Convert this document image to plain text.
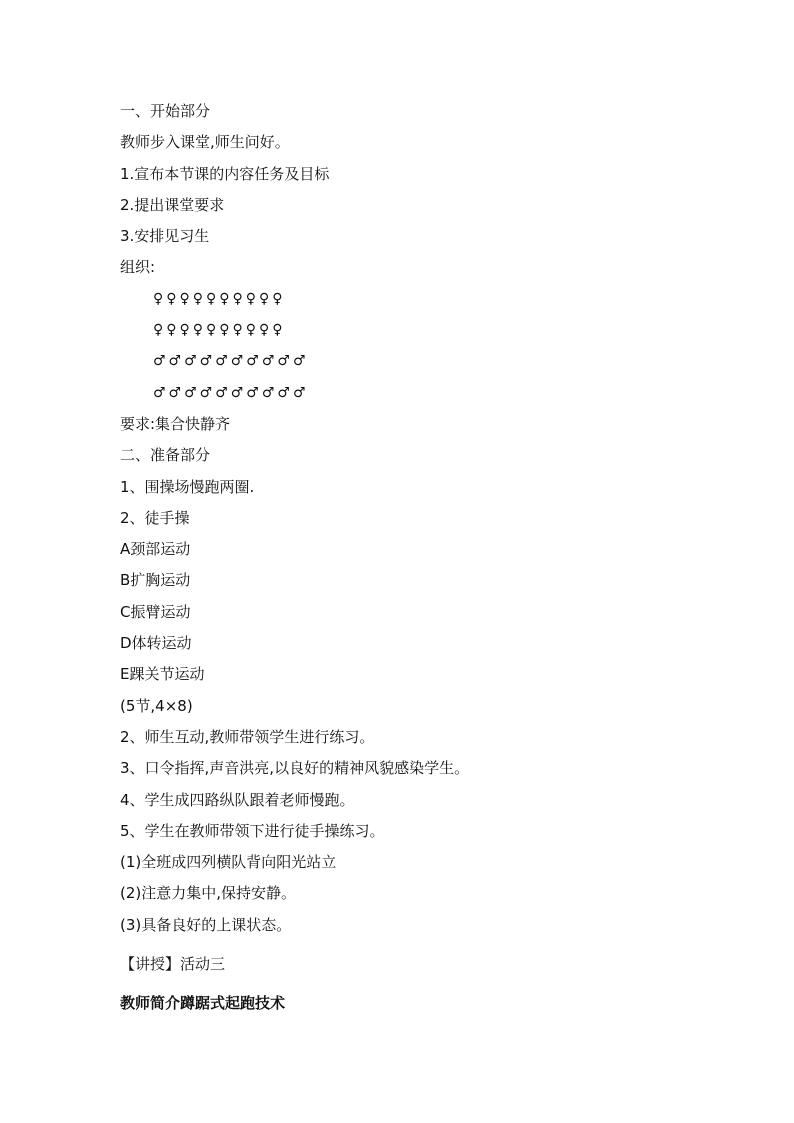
一、开始部分
教师步入课堂,师生问好。
1.宣布本节课的内容任务及目标
2.提出课堂要求
3.安排见习生
组织:
♀♀♀♀♀♀♀♀♀♀
♀♀♀♀♀♀♀♀♀♀
♂♂♂♂♂♂♂♂♂♂
♂♂♂♂♂♂♂♂♂♂
要求:集合快静齐
二、准备部分
1、围操场慢跑两圈.
2、徒手操
A颈部运动
B扩胸运动
C振臂运动
D体转运动
E踝关节运动
(5节,4×8)
2、师生互动,教师带领学生进行练习。
3、口令指挥,声音洪亮,以良好的精神风貌感染学生。
4、学生成四路纵队跟着老师慢跑。
5、学生在教师带领下进行徒手操练习。
(1)全班成四列横队背向阳光站立
(2)注意力集中,保持安静。
(3)具备良好的上课状态。
【讲授】活动三
教师简介蹲踞式起跑技术
